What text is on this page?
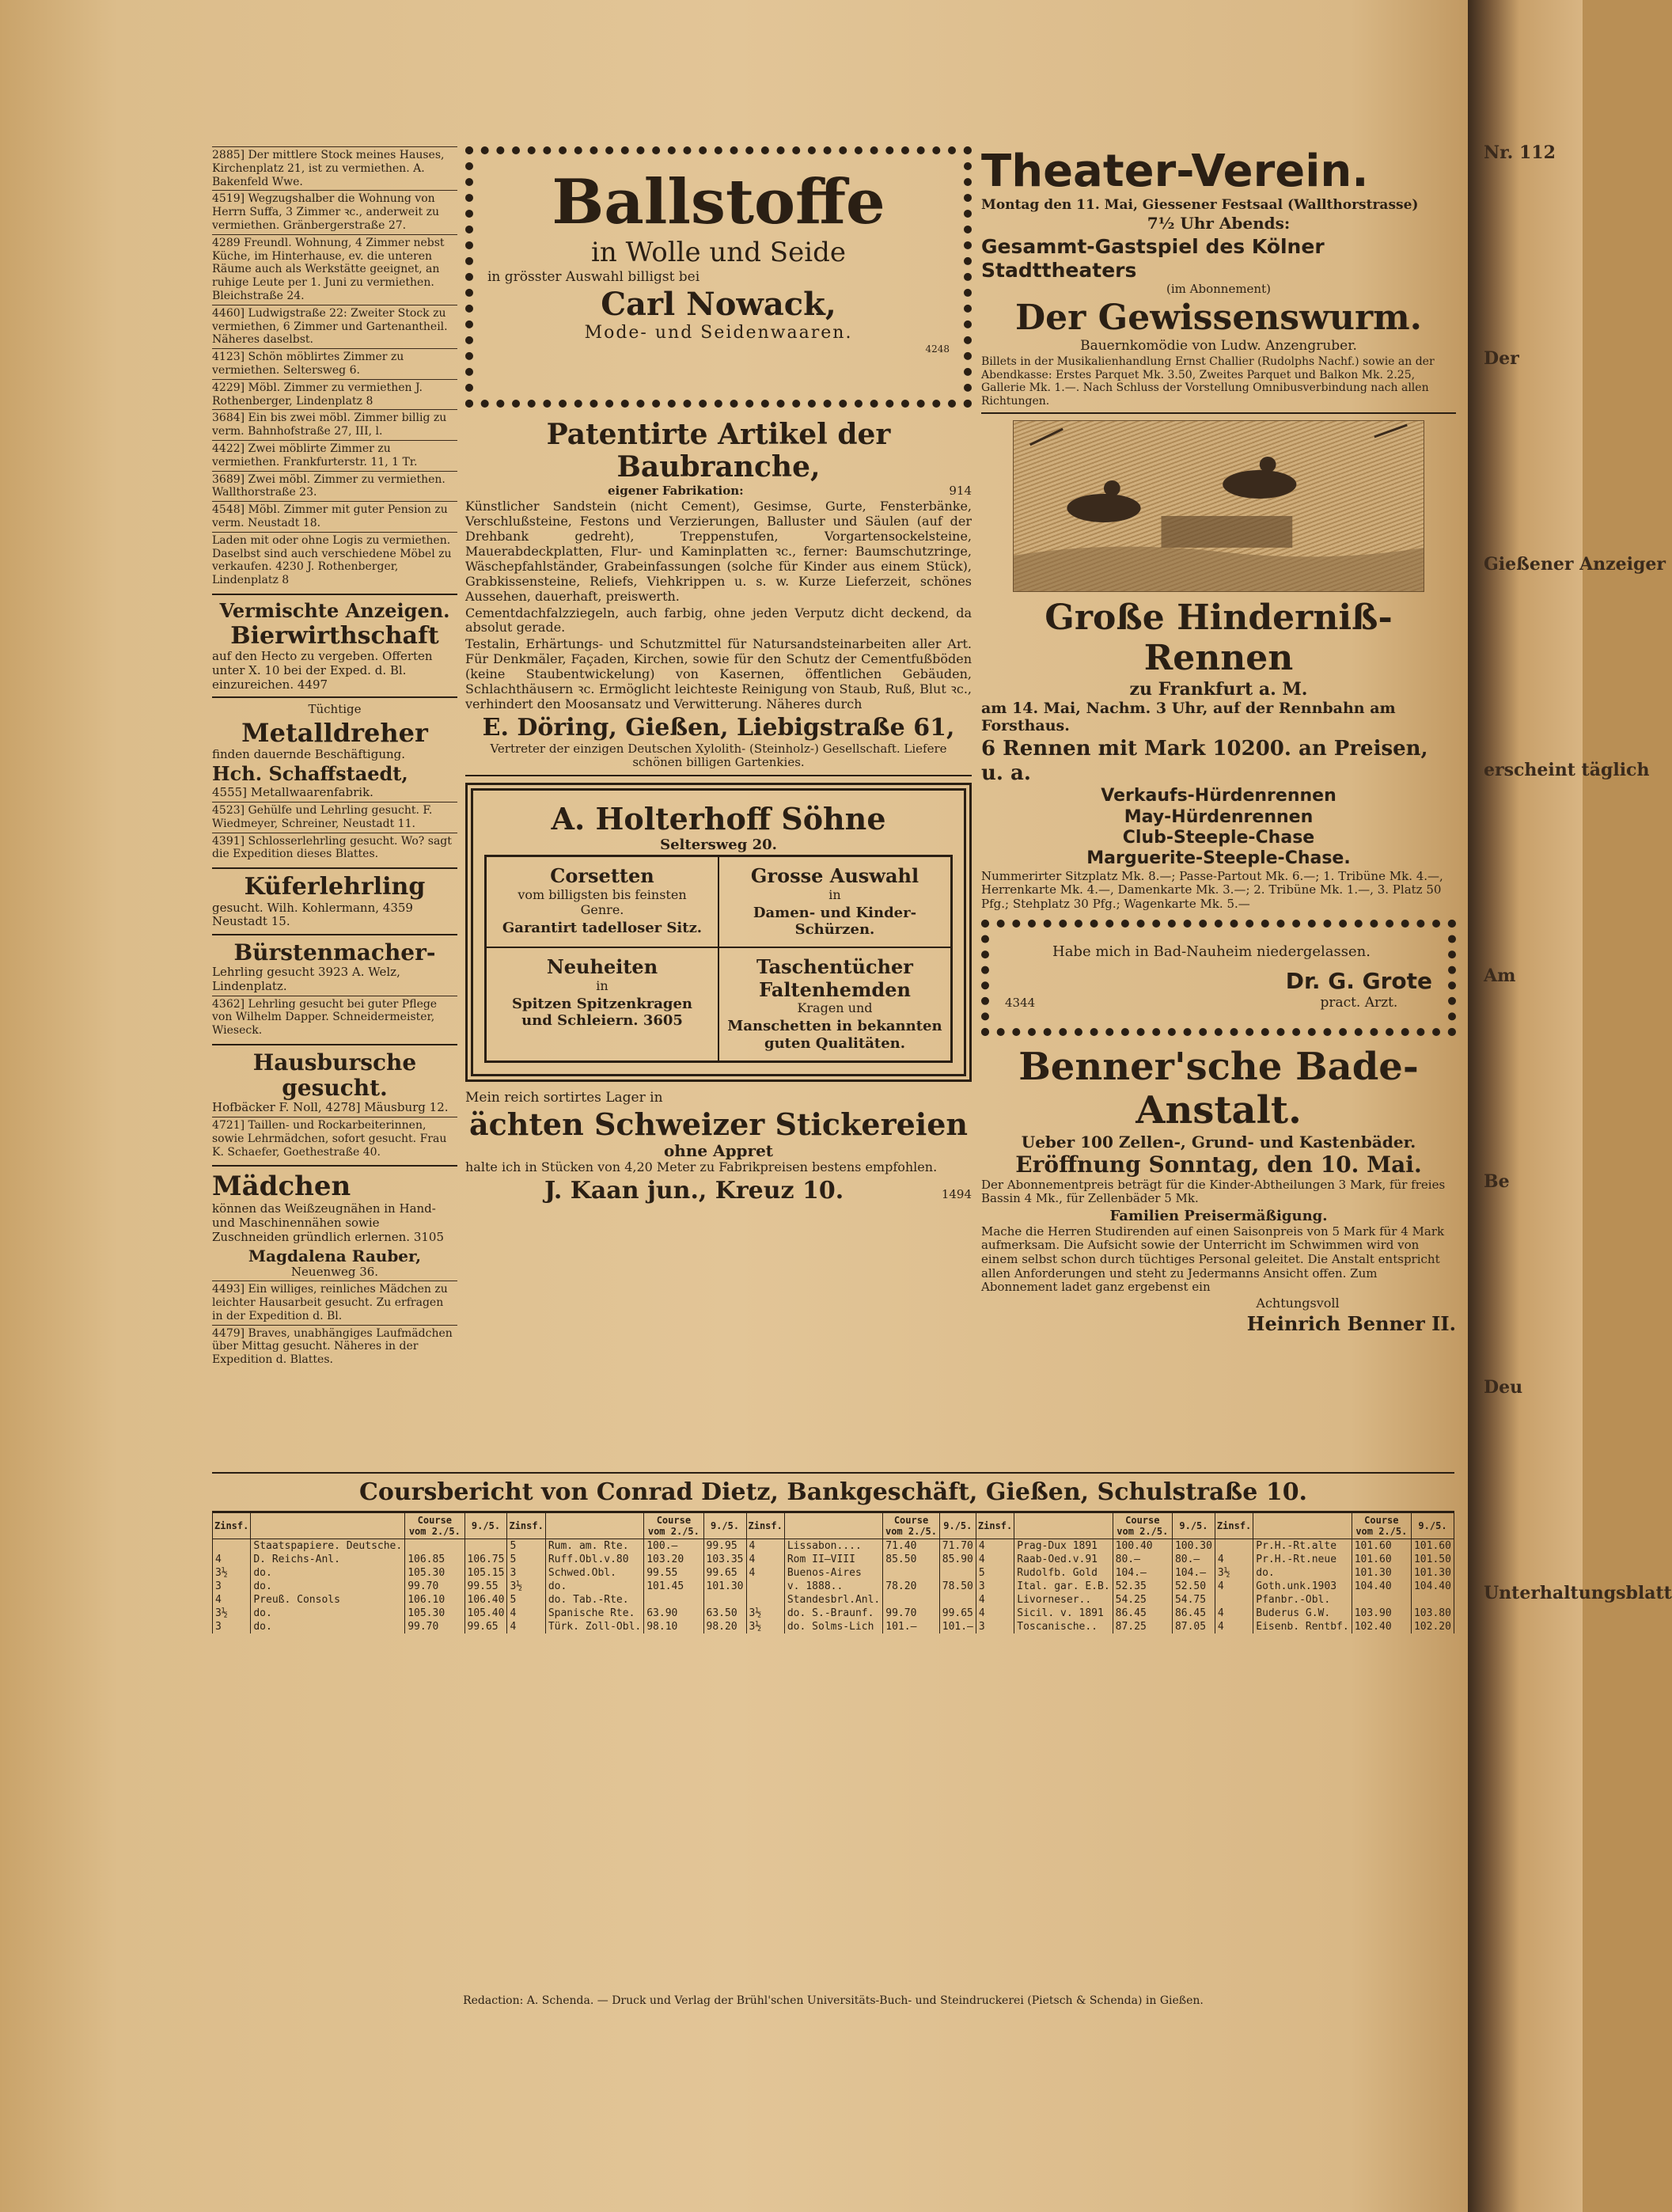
2885] Der mittlere Stock meines Hauses, Kirchenplatz 21, ist zu vermiethen. A. Bakenfeld Wwe.
4519] Wegzugshalber die Wohnung von Herrn Suffa, 3 Zimmer ꝛc., anderweit zu vermiethen. Gränbergerstraße 27.
4289 Freundl. Wohnung, 4 Zimmer nebst Küche, im Hinterhause, ev. die unteren Räume auch als Werkstätte geeignet, an ruhige Leute per 1. Juni zu vermiethen. Bleichstraße 24.
4460] Ludwigstraße 22: Zweiter Stock zu vermiethen, 6 Zimmer und Gartenantheil. Näheres daselbst.
4123] Schön möblirtes Zimmer zu vermiethen. Seltersweg 6.
4229] Möbl. Zimmer zu vermiethen J. Rothenberger, Lindenplatz 8
3684] Ein bis zwei möbl. Zimmer billig zu verm. Bahnhofstraße 27, III, l.
4422] Zwei möblirte Zimmer zu vermiethen. Frankfurterstr. 11, 1 Tr.
3689] Zwei möbl. Zimmer zu vermiethen. Wallthorstraße 23.
4548] Möbl. Zimmer mit guter Pension zu verm. Neustadt 18.
Laden mit oder ohne Logis zu vermiethen. Daselbst sind auch verschiedene Möbel zu verkaufen. 4230 J. Rothenberger, Lindenplatz 8
Vermischte Anzeigen.
Bierwirthschaft
auf den Hecto zu vergeben. Offerten unter X. 10 bei der Exped. d. Bl. einzureichen. 4497
Tüchtige
Metalldreher
finden dauernde Beschäftigung.
Hch. Schaffstaedt,
4555] Metallwaarenfabrik.
4523] Gehülfe und Lehrling gesucht. F. Wiedmeyer, Schreiner, Neustadt 11.
4391] Schlosserlehrling gesucht. Wo? sagt die Expedition dieses Blattes.
Küferlehrling
gesucht. Wilh. Kohlermann, 4359 Neustadt 15.
Bürstenmacher-
Lehrling gesucht 3923 A. Welz, Lindenplatz.
4362] Lehrling gesucht bei guter Pflege von Wilhelm Dapper. Schneidermeister, Wieseck.
Hausbursche gesucht.
Hofbäcker F. Noll, 4278] Mäusburg 12.
4721] Taillen- und Rockarbeiterinnen, sowie Lehrmädchen, sofort gesucht. Frau K. Schaefer, Goethestraße 40.
Mädchen
können das Weißzeugnähen in Hand- und Maschinennähen sowie Zuschneiden gründlich erlernen. 3105
Magdalena Rauber,
Neuenweg 36.
4493] Ein williges, reinliches Mädchen zu leichter Hausarbeit gesucht. Zu erfragen in der Expedition d. Bl.
4479] Braves, unabhängiges Laufmädchen über Mittag gesucht. Näheres in der Expedition d. Blattes.
Ballstoffe
in Wolle und Seide
in grösster Auswahl billigst bei
Carl Nowack,
Mode- und Seidenwaaren.
4248
Patentirte Artikel der Baubranche,
eigener Fabrikation:	914
Künstlicher Sandstein (nicht Cement), Gesimse, Gurte, Fensterbänke, Verschlußsteine, Festons und Verzierungen, Balluster und Säulen (auf der Drehbank gedreht), Treppenstufen, Vorgartensockelsteine, Mauerabdeckplatten, Flur- und Kaminplatten ꝛc., ferner: Baumschutzringe, Wäschepfahlständer, Grabeinfassungen (solche für Kinder aus einem Stück), Grabkissensteine, Reliefs, Viehkrippen u. s. w. Kurze Lieferzeit, schönes Aussehen, dauerhaft, preiswerth.
Cementdachfalzziegeln, auch farbig, ohne jeden Verputz dicht deckend, da absolut gerade.
Testalin, Erhärtungs- und Schutzmittel für Natursandsteinarbeiten aller Art. Für Denkmäler, Façaden, Kirchen, sowie für den Schutz der Cementfußböden (keine Staubentwickelung) von Kasernen, öffentlichen Gebäuden, Schlachthäusern ꝛc. Ermöglicht leichteste Reinigung von Staub, Ruß, Blut ꝛc., verhindert den Moosansatz und Verwitterung. Näheres durch
E. Döring, Gießen, Liebigstraße 61,
Vertreter der einzigen Deutschen Xylolith- (Steinholz-) Gesellschaft. Liefere schönen billigen Gartenkies.
A. Holterhoff Söhne
Seltersweg 20.
Corsetten
vom billigsten bis feinsten Genre.
Garantirt tadelloser Sitz.
Grosse Auswahl
in
Damen- und Kinder-Schürzen.
Neuheiten
in
Spitzen Spitzenkragen und Schleiern. 3605
Taschentücher Faltenhemden
Kragen und
Manschetten in bekannten guten Qualitäten.
Mein reich sortirtes Lager in
ächten Schweizer Stickereien
ohne Appret
halte ich in Stücken von 4,20 Meter zu Fabrikpreisen bestens empfohlen.
J. Kaan jun., Kreuz 10.	1494
Theater-Verein.
Montag den 11. Mai, Giessener Festsaal (Wallthorstrasse)
7½ Uhr Abends:
Gesammt-Gastspiel des Kölner Stadttheaters
(im Abonnement)
Der Gewissenswurm.
Bauernkomödie von Ludw. Anzengruber.
Billets in der Musikalienhandlung Ernst Challier (Rudolphs Nachf.) sowie an der Abendkasse: Erstes Parquet Mk. 3.50, Zweites Parquet und Balkon Mk. 2.25, Gallerie Mk. 1.—. Nach Schluss der Vorstellung Omnibusverbindung nach allen Richtungen.
Große Hinderniß-Rennen
zu Frankfurt a. M.
am 14. Mai, Nachm. 3 Uhr, auf der Rennbahn am Forsthaus.
6 Rennen mit Mark 10200. an Preisen, u. a.
Verkaufs-Hürdenrennen
May-Hürdenrennen
Club-Steeple-Chase
Marguerite-Steeple-Chase.
Nummerirter Sitzplatz Mk. 8.—; Passe-Partout Mk. 6.—; 1. Tribüne Mk. 4.—, Herrenkarte Mk. 4.—, Damenkarte Mk. 3.—; 2. Tribüne Mk. 1.—, 3. Platz 50 Pfg.; Stehplatz 30 Pfg.; Wagenkarte Mk. 5.—
Habe mich in Bad-Nauheim niedergelassen.
4344
Dr. G. Grote
pract. Arzt.
Benner'sche Bade-Anstalt.
Ueber 100 Zellen-, Grund- und Kastenbäder.
Eröffnung Sonntag, den 10. Mai.
Der Abonnementpreis beträgt für die Kinder-Abtheilungen 3 Mark, für freies Bassin 4 Mk., für Zellenbäder 5 Mk.
Familien Preisermäßigung.
Mache die Herren Studirenden auf einen Saisonpreis von 5 Mark für 4 Mark aufmerksam. Die Aufsicht sowie der Unterricht im Schwimmen wird von einem selbst schon durch tüchtiges Personal geleitet. Die Anstalt entspricht allen Anforderungen und steht zu Jedermanns Ansicht offen. Zum Abonnement ladet ganz ergebenst ein
Achtungsvoll
Heinrich Benner II.
Coursbericht von Conrad Dietz, Bankgeschäft, Gießen, Schulstraße 10.
Zinsf.		Course vom 2./5.	9./5.	Zinsf.		Course vom 2./5.	9./5.	Zinsf.		Course vom 2./5.	9./5.	Zinsf.		Course vom 2./5.	9./5.	Zinsf.		Course vom 2./5.	9./5.
	Staatspapiere. Deutsche.			5	Rum. am. Rte.	100.—	99.95	4	Lissabon....	71.40	71.70	4	Prag-Dux 1891	100.40	100.30		Pr.H.-Rt.alte	101.60	101.60
4	D. Reichs-Anl.	106.85	106.75	5	Ruff.Obl.v.80	103.20	103.35	4	Rom II—VIII	85.50	85.90	4	Raab-Oed.v.91	80.—	80.—	4	Pr.H.-Rt.neue	101.60	101.50
3½	do.	105.30	105.15	3	Schwed.Obl.	99.55	99.65	4	Buenos-Aires			5	Rudolfb. Gold	104.—	104.—	3½	do.	101.30	101.30
3	do.	99.70	99.55	3½	do.	101.45	101.30		v. 1888..	78.20	78.50	3	Ital. gar. E.B.	52.35	52.50	4	Goth.unk.1903	104.40	104.40
4	Preuß. Consols	106.10	106.40	5	do. Tab.-Rte.				Standesbrl.Anl.			4	Livorneser..	54.25	54.75		Pfanbr.-Obl.		
3½	do.	105.30	105.40	4	Spanische Rte.	63.90	63.50	3½	do. S.-Braunf.	99.70	99.65	4	Sicil. v. 1891	86.45	86.45	4	Buderus G.W.	103.90	103.80
3	do.	99.70	99.65	4	Türk. Zoll-Obl.	98.10	98.20	3½	do. Solms-Lich	101.—	101.—	3	Toscanische..	87.25	87.05	4	Eisenb. Rentbf.	102.40	102.20
Redaction: A. Schenda. — Druck und Verlag der Brühl'schen Universitäts-Buch- und Steindruckerei (Pietsch & Schenda) in Gießen.
Nr. 112
Der
Gießener Anzeiger
erscheint täglich
Am
Be
Deu
Unterhaltungsblatt
